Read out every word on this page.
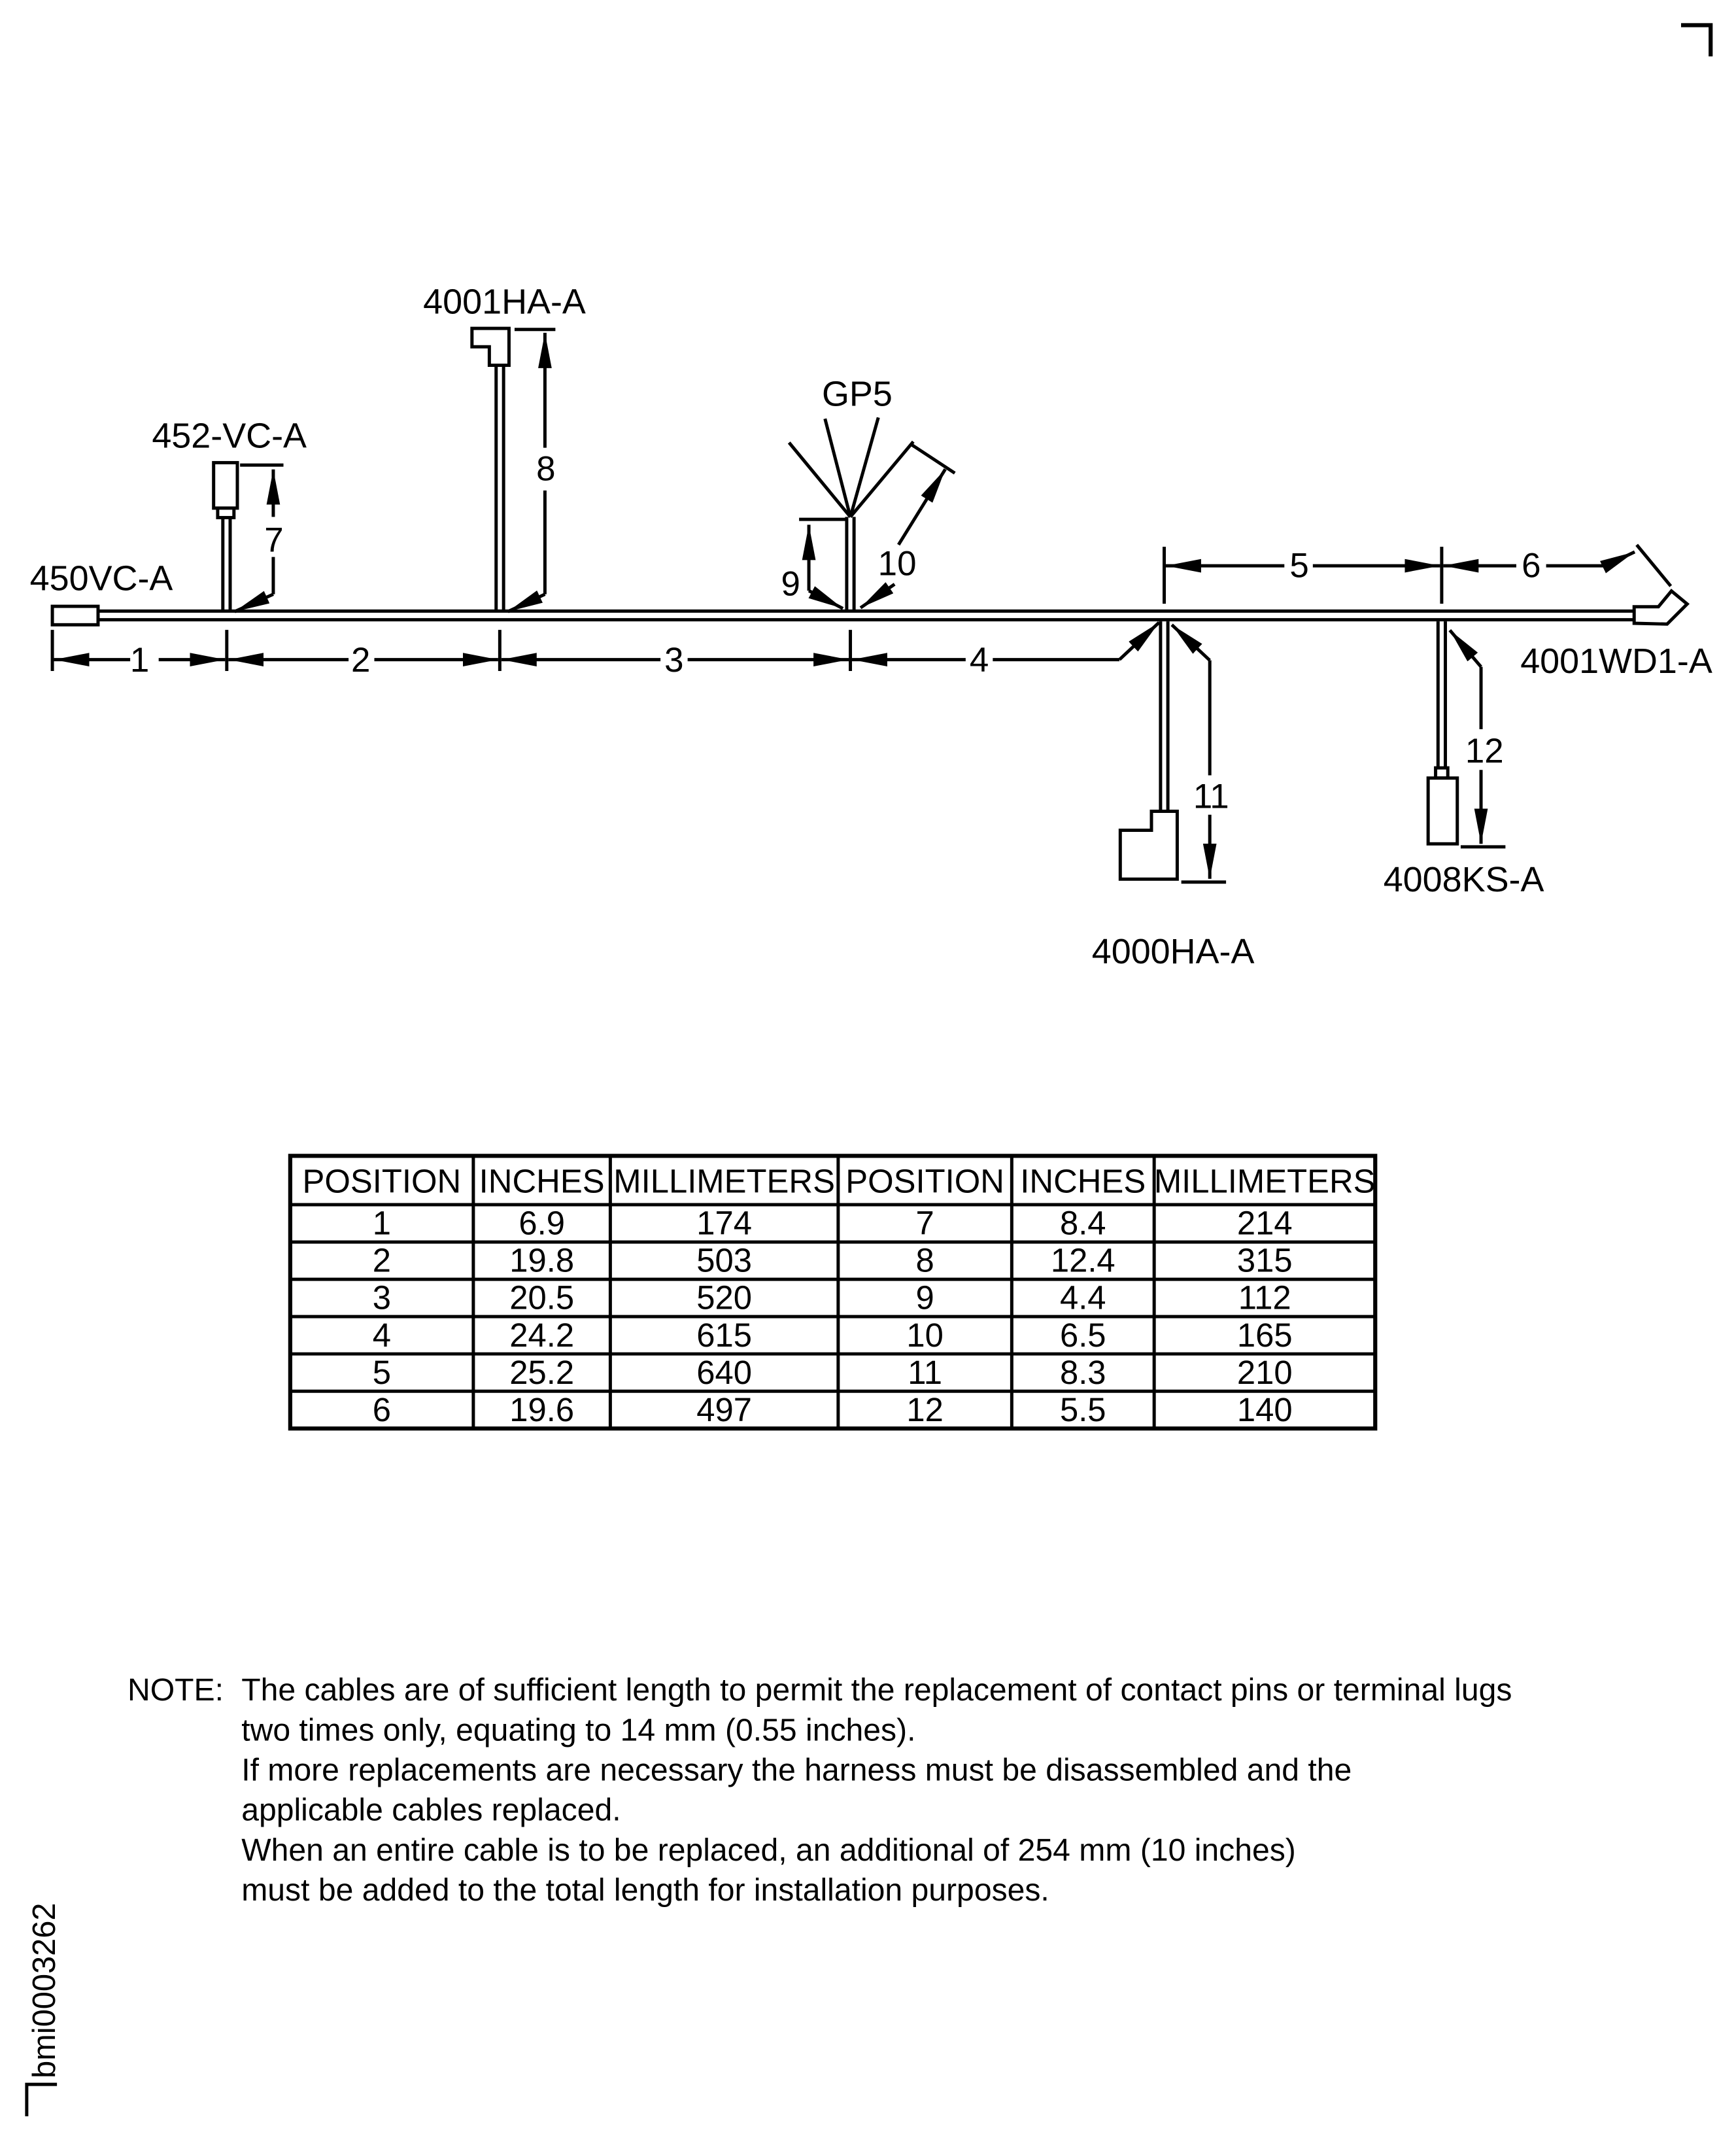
450VC-A
452-VC-A
4001HA-A
GP5
4001WD1-A
4008KS-A
4000HA-A
1	2	3	4
5	6
7
8
9
10
11
12
POSITION INCHES MILLIMETERS POSITION INCHES MILLIMETERS
1	6.9	174	7	8.4	214
2	19.8	503	8	12.4	315
3	20.5	520	9	4.4	112
4	24.2	615	10	6.5	165
5	25.2	640	11	8.3	210
6	19.6	497	12	5.5	140
NOTE: The cables are of sufficient length to permit the replacement of contact pins or terminal lugs
two times only, equating to 14 mm (0.55 inches).
If more replacements are necessary the harness must be disassembled and the
applicable cables replaced.
When an entire cable is to be replaced, an additional of 254 mm (10 inches)
must be added to the total length for installation purposes.
bmi0003262
